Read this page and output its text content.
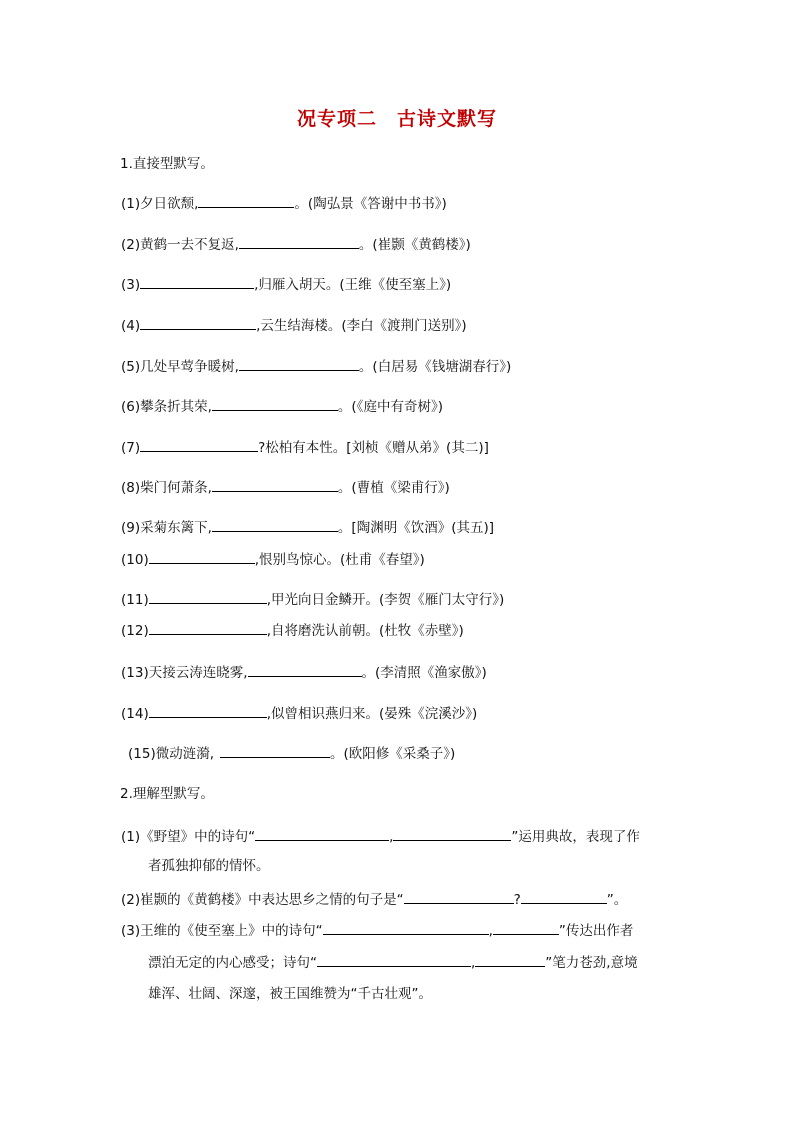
况专项二　古诗文默写
1.直接型默写。
(1)夕日欲颓,	。(陶弘景《答谢中书书》)
(2)黄鹤一去不复返,	。(崔颢《黄鹤楼》)
(3)	,归雁入胡天。(王维《使至塞上》)
(4)	,云生结海楼。(李白《渡荆门送别》)
(5)几处早莺争暖树,	。(白居易《钱塘湖春行》)
(6)攀条折其荣,	。(《庭中有奇树》)
(7)	?松柏有本性。[刘桢《赠从弟》(其二)]
(8)柴门何萧条,	。(曹植《梁甫行》)
(9)采菊东篱下,	。[陶渊明《饮酒》(其五)]
(10)	,恨别鸟惊心。(杜甫《春望》)
(11)	,甲光向日金鳞开。(李贺《雁门太守行》)
(12)	,自将磨洗认前朝。(杜牧《赤壁》)
(13)天接云涛连晓雾,	。(李清照《渔家傲》)
(14)	,似曾相识燕归来。(晏殊《浣溪沙》)
(15)微动涟漪,	。(欧阳修《采桑子》)
2.理解型默写。
(1)《野望》中的诗句“	,	”运用典故，表现了作
者孤独抑郁的情怀。
(2)崔颢的《黄鹤楼》中表达思乡之情的句子是“	?	”。
(3)王维的《使至塞上》中的诗句“	,	”传达出作者
漂泊无定的内心感受；诗句“	,	”笔力苍劲,意境
雄浑、壮阔、深邃，被王国维赞为“千古壮观”。
